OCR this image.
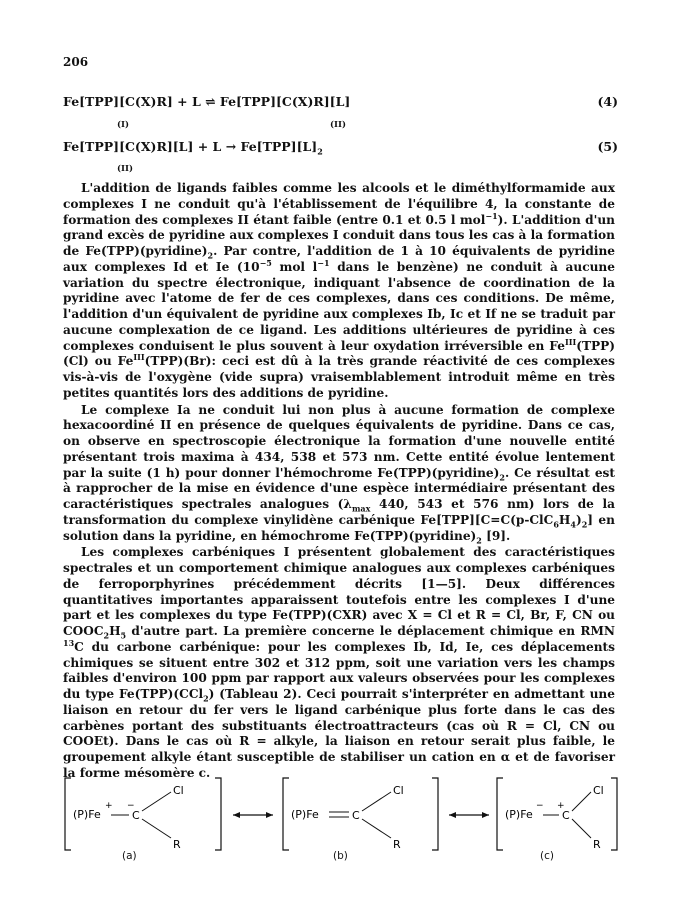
206
Fe[TPP][C(X)R] + L ⇌ Fe[TPP][C(X)R][L]	(4)
(I)	(II)
$Fe[TPP][C(X)R][L] + L \to Fe[TPP][L]_2$	(5)
(II)

L'addition de ligands faibles comme les alcools et le diméthylformamide aux complexes I ne conduit qu'à l'établissement de l'équilibre 4, la constante de formation des complexes II étant faible (entre 0.1 et 0.5 l mol$^{-1}$). L'addition d'un grand excès de pyridine aux complexes I conduit dans tous les cas à la formation de $Fe(TPP)(pyridine)_2$. Par contre, l'addition de 1 à 10 équivalents de pyridine aux complexes Id et Ie ($10^{-5}$ mol $l^{-1}$ dans le benzène) ne conduit à aucune variation du spectre électronique, indiquant l'absence de coordination de la pyridine avec l'atome de fer de ces complexes, dans ces conditions. De même, l'addition d'un équivalent de pyridine aux complexes Ib, Ic et If ne se traduit par aucune complexation de ce ligand. Les additions ultérieures de pyridine à ces complexes conduisent le plus souvent à leur oxydation irréversible en $Fe^{III}(TPP)(Cl)$ ou $Fe^{III}(TPP)(Br)$: ceci est dû à la très grande réactivité de ces complexes vis-à-vis de l'oxygène (vide supra) vraisemblablement introduit même en très petites quantités lors des additions de pyridine.

Le complexe Ia ne conduit lui non plus à aucune formation de complexe hexacoordiné II en présence de quelques équivalents de pyridine. Dans ce cas, on observe en spectroscopie électronique la formation d'une nouvelle entité présentant trois maxima à 434, 538 et 573 nm. Cette entité évolue lentement par la suite (1 h) pour donner l'hémochrome $Fe(TPP)(pyridine)_2$. Ce résultat est à rapprocher de la mise en évidence d'une espèce intermédiaire présentant des caractéristiques spectrales analogues ($\lambda_{max}$ 440, 543 et 576 nm) lors de la transformation du complexe vinylidène carbénique $Fe[TPP][C=C(p-ClC_6H_4)_2]$ en solution dans la pyridine, en hémochrome $Fe(TPP)(pyridine)_2$ [9].

Les complexes carbéniques I présentent globalement des caractéristiques spectrales et un comportement chimique analogues aux complexes carbéniques de ferroporphyrines précédemment décrits [1—5]. Deux différences quantitatives importantes apparaissent toutefois entre les complexes I d'une part et les complexes du type Fe(TPP)(CXR) avec X = Cl et R = Cl, Br, F, CN ou $COOC_2H_5$ d'autre part. La première concerne le déplacement chimique en RMN $^{13}$C du carbone carbénique: pour les complexes Ib, Id, Ie, ces déplacements chimiques se situent entre 302 et 312 ppm, soit une variation vers les champs faibles d'environ 100 ppm par rapport aux valeurs observées pour les complexes du type Fe(TPP)(CCl$_2$) (Tableau 2). Ceci pourrait s'interpréter en admettant une liaison en retour du fer vers le ligand carbénique plus forte dans le cas des carbènes portant des substituants électroattracteurs (cas où R = Cl, CN ou COOEt). Dans le cas où R = alkyle, la liaison en retour serait plus faible, le groupement alkyle étant susceptible de stabiliser un cation en α et de favoriser la forme mésomère c.

(P)Fe
+ −
C
Cl
R
(P)Fe	C
Cl
R
(P)Fe
− +
C
Cl
R
(a)	(b)	(c)
